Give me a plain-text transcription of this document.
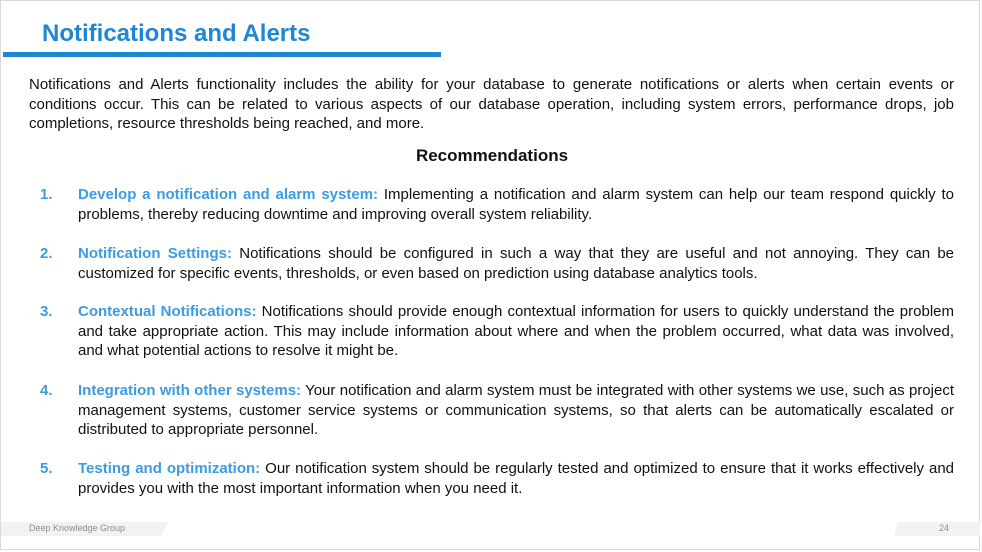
Notifications and Alerts
Notifications and Alerts functionality includes the ability for your database to generate notifications or alerts when certain events or conditions occur. This can be related to various aspects of our database operation, including system errors, performance drops, job completions, resource thresholds being reached, and more.
Recommendations
1. Develop a notification and alarm system: Implementing a notification and alarm system can help our team respond quickly to problems, thereby reducing downtime and improving overall system reliability.
2. Notification Settings: Notifications should be configured in such a way that they are useful and not annoying. They can be customized for specific events, thresholds, or even based on prediction using database analytics tools.
3. Contextual Notifications: Notifications should provide enough contextual information for users to quickly understand the problem and take appropriate action. This may include information about where and when the problem occurred, what data was involved, and what potential actions to resolve it might be.
4. Integration with other systems: Your notification and alarm system must be integrated with other systems we use, such as project management systems, customer service systems or communication systems, so that alerts can be automatically escalated or distributed to appropriate personnel.
5. Testing and optimization: Our notification system should be regularly tested and optimized to ensure that it works effectively and provides you with the most important information when you need it.
Deep Knowledge Group	24
